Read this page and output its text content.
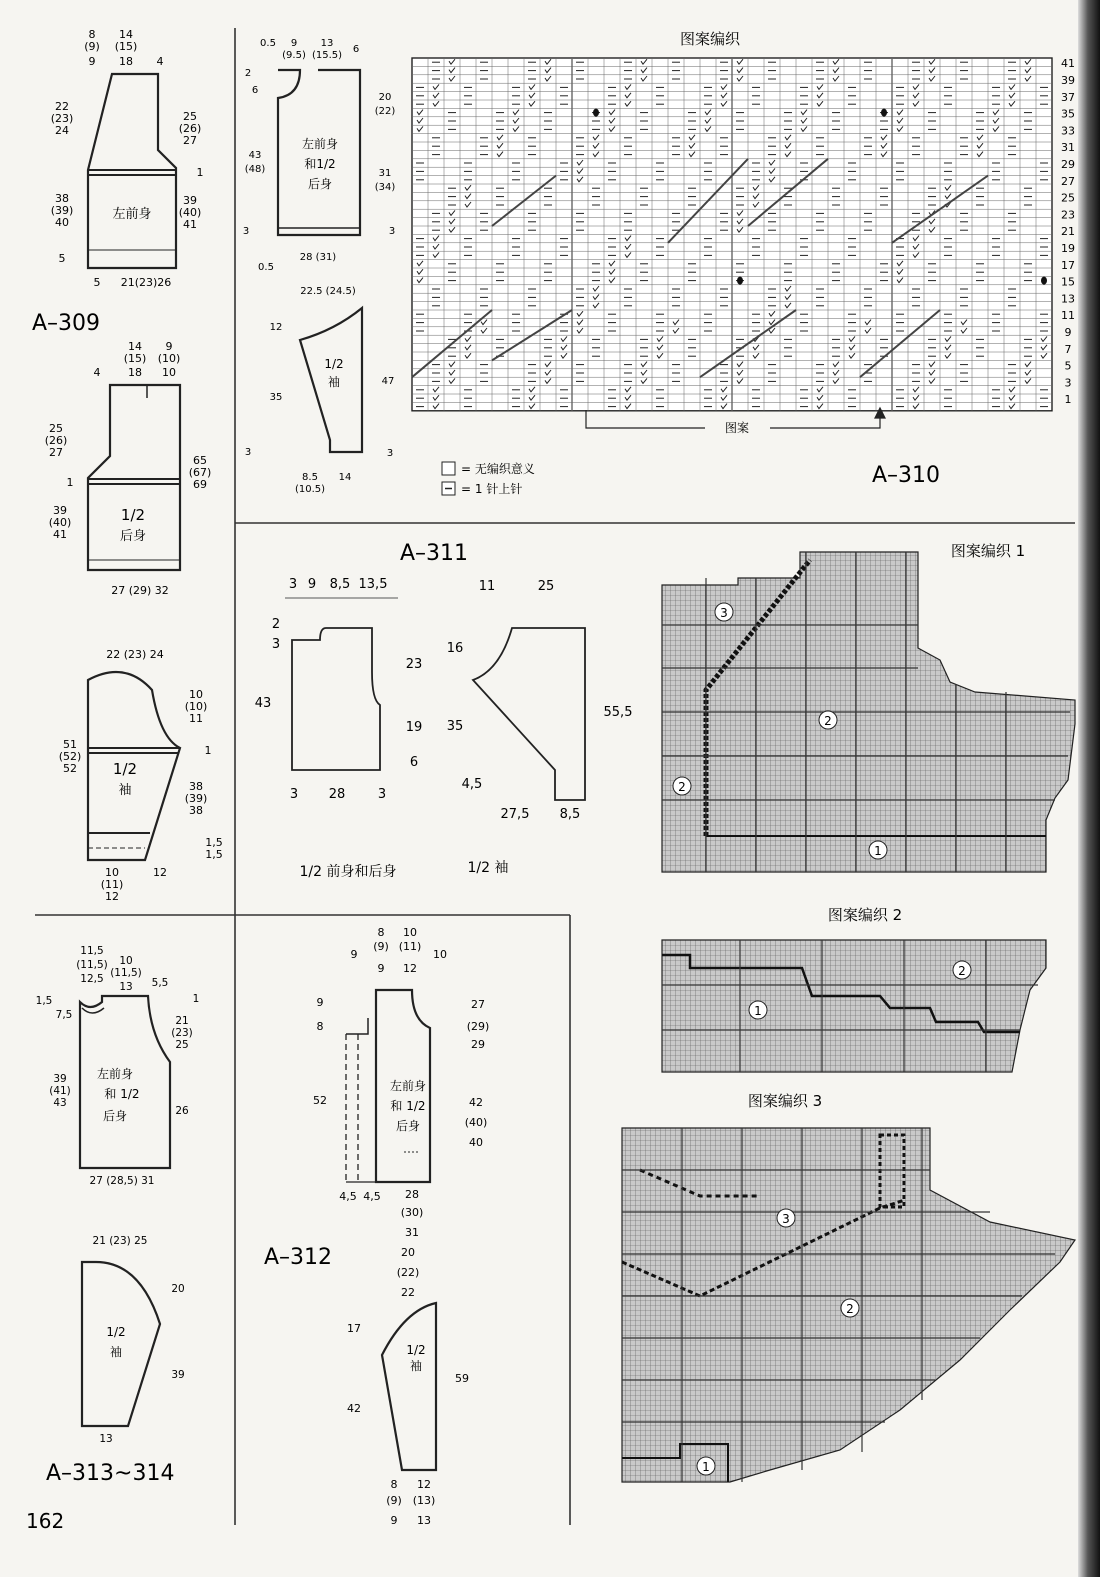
8
(9)
9
14
(15)
18 4
22
(23)
24
38
(39)
40
5
25
(26)
27
1
39
(40)
41
5 21(23)26
左前身
A–309
4
14
(15)
18
9
(10)
10
25
(26)
27
1
39
(40)
41
65
(67)
69
27 (29) 32
1/2
后身
22 (23) 24
10
(10)
11
51
(52)
52
1
38
(39)
38
1,5
1,5
10
(11)
12
12
1/2
袖
0.5 9
(9.5)
13
(15.5)
6
2
6
43
(48)
20
(22)
31
(34)
3	3
0.5
28 (31)
左前身
和1/2
后身
22.5 (24.5)
12
35
3
47
3
8.5
(10.5)
14
1/2
袖
图案编织
41
39
37
35
33
31
29
27
25
23
21
19
17
15
13
11
9
7
5
3
1
图案
= 无编织意义
= 1 针上针
A–310
A–311
3 9 8,5 13,5
2
3
43
23
19
6
3 28	3
1/2 前身和后身
11	25
16
35
4,5
55,5
27,5 8,5
1/2 袖
图案编织 1
3
2
2
1
图案编织 2
1
2
图案编织 3
3
2
1
9
8
(9)
9
10
(11)
12
10
9
8
52
27
(29)
29
42
(40)
40
4,5 4,5 28
(30)
31
左前身
和 1/2
后身
A–312	20
(22)
22
17
42
59
8
(9)
9
12
(13)
13
1/2
袖
11,5
(11,5)
12,5
10
(11,5)
13 5,5
1,5
7,5
39
(41)
43
1
21
(23)
25
26
27 (28,5) 31
左前身
和 1/2
后身
21 (23) 25
20
39
13
1/2
袖
A–313~314
162
